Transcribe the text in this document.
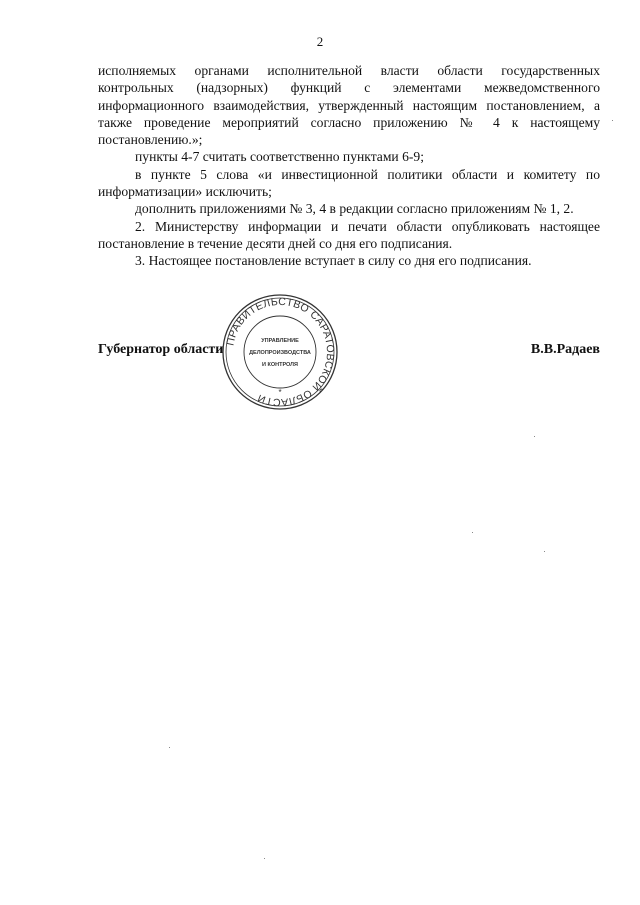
2

исполняемых органами исполнительной власти области государственных контрольных (надзорных) функций с элементами межведомственного информационного взаимодействия, утвержденный настоящим постановлением, а также проведение мероприятий согласно приложению № 4 к настоящему постановлению.»;

пункты 4-7 считать соответственно пунктами 6-9;

в пункте 5 слова «и инвестиционной политики области и комитету по информатизации» исключить;

дополнить приложениями № 3, 4 в редакции согласно приложениям № 1, 2.

2. Министерству информации и печати области опубликовать настоящее постановление в течение десяти дней со дня его подписания.

3. Настоящее постановление вступает в силу со дня его подписания.

Губернатор области	В.В.Радаев
ПРАВИТЕЛЬСТВО САРАТОВСКОЙ ОБЛАСТИ
УПРАВЛЕНИЕ
ДЕЛОПРОИЗВОДСТВА
И КОНТРОЛЯ
*
